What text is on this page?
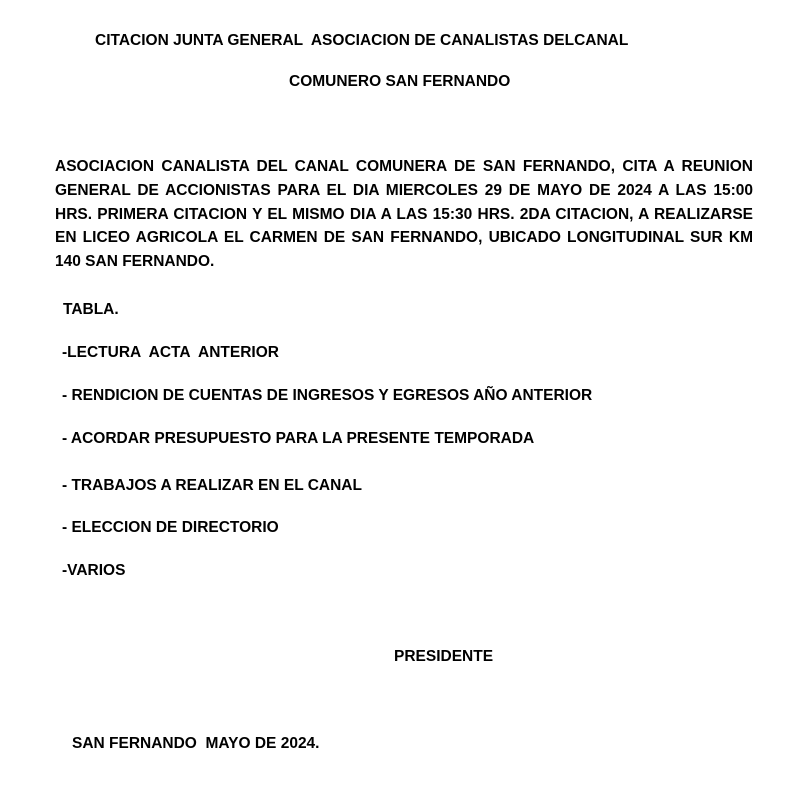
CITACION JUNTA GENERAL  ASOCIACION DE CANALISTAS DELCANAL
COMUNERO SAN FERNANDO
ASOCIACION CANALISTA DEL CANAL COMUNERA DE SAN FERNANDO, CITA A REUNION GENERAL DE ACCIONISTAS PARA EL DIA MIERCOLES 29 DE MAYO DE 2024 A LAS 15:00 HRS. PRIMERA CITACION Y EL MISMO DIA A LAS 15:30 HRS. 2DA CITACION, A REALIZARSE EN LICEO AGRICOLA EL CARMEN DE SAN FERNANDO, UBICADO LONGITUDINAL SUR KM 140 SAN FERNANDO.
TABLA.
-LECTURA  ACTA  ANTERIOR
- RENDICION DE CUENTAS DE INGRESOS Y EGRESOS AÑO ANTERIOR
- ACORDAR PRESUPUESTO PARA LA PRESENTE TEMPORADA
- TRABAJOS A REALIZAR EN EL CANAL
- ELECCION DE DIRECTORIO
-VARIOS
PRESIDENTE
SAN FERNANDO  MAYO DE 2024.
